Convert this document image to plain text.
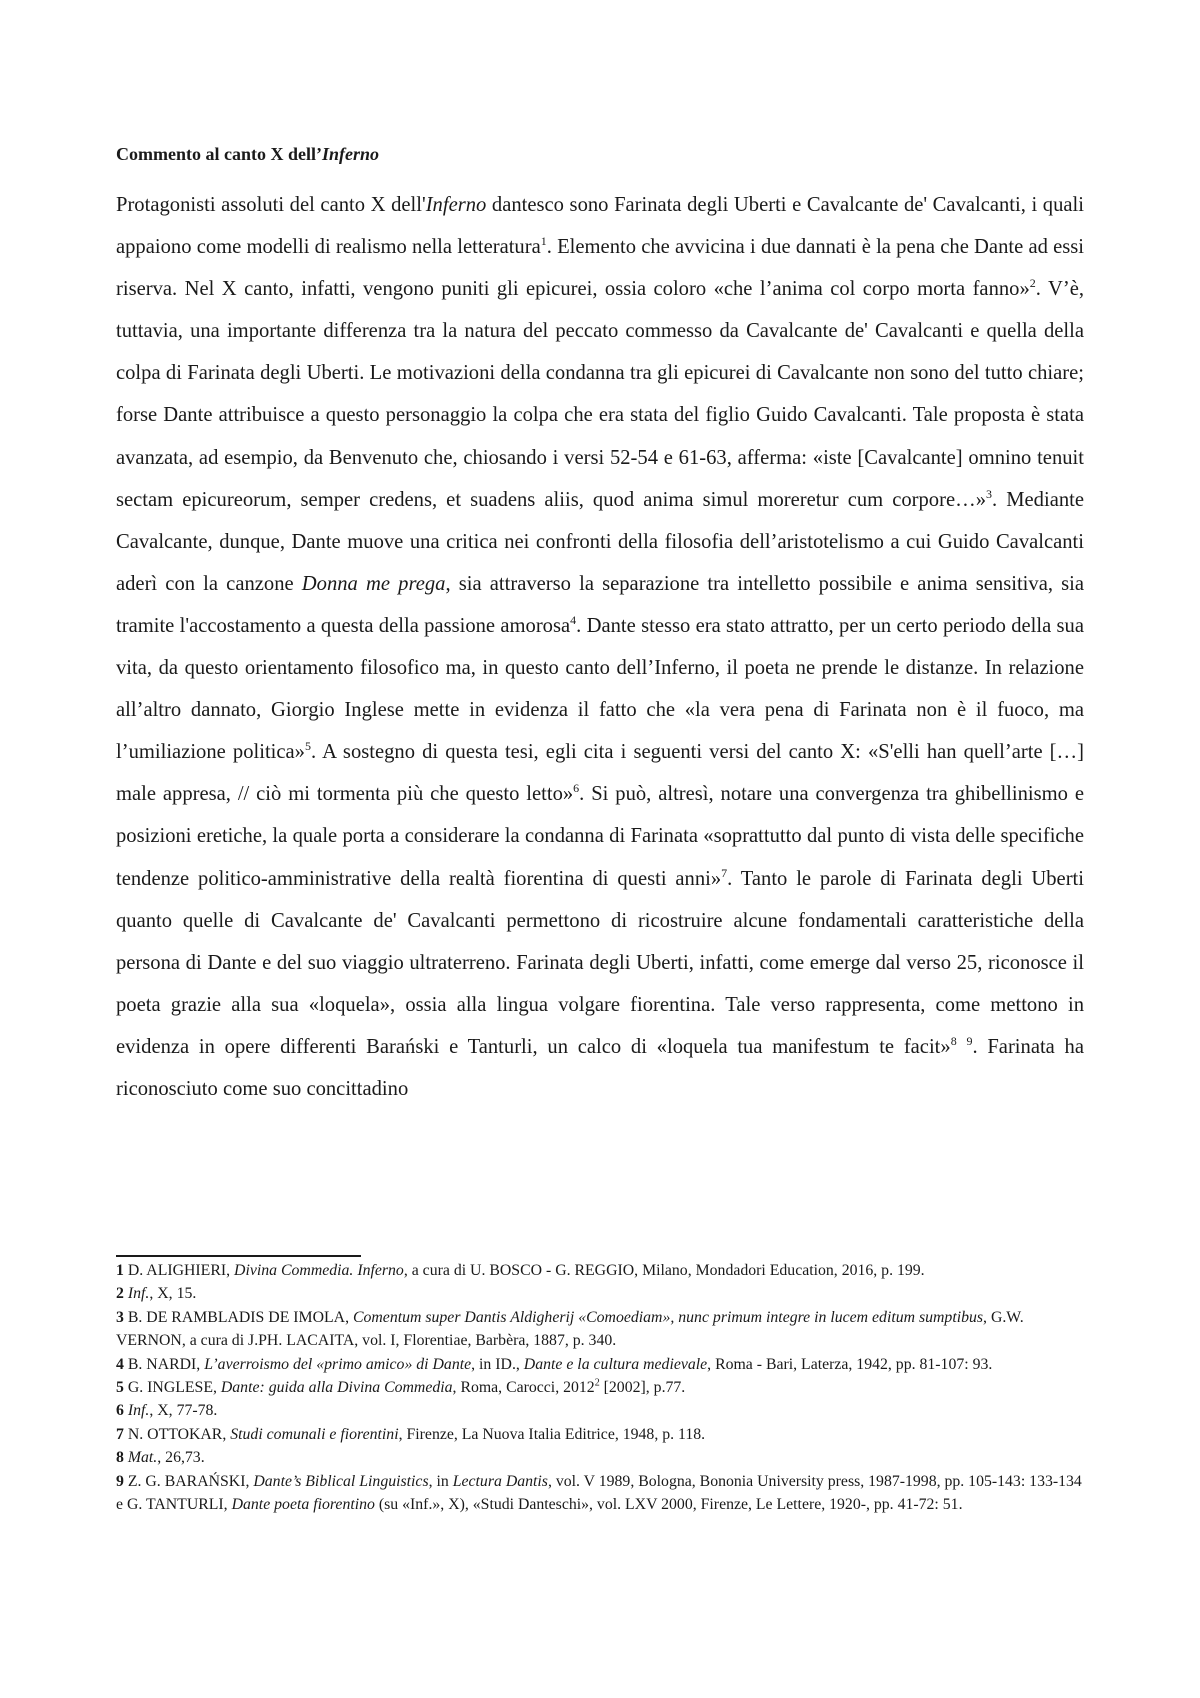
Commento al canto X dell’Inferno

Protagonisti assoluti del canto X dell'Inferno dantesco sono Farinata degli Uberti e Cavalcante de' Cavalcanti, i quali appaiono come modelli di realismo nella letteratura$^1$. Elemento che avvicina i due dannati è la pena che Dante ad essi riserva. Nel X canto, infatti, vengono puniti gli epicurei, ossia coloro «che l’anima col corpo morta fanno»$^2$. V’è, tuttavia, una importante differenza tra la natura del peccato commesso da Cavalcante de' Cavalcanti e quella della colpa di Farinata degli Uberti. Le motivazioni della condanna tra gli epicurei di Cavalcante non sono del tutto chiare; forse Dante attribuisce a questo personaggio la colpa che era stata del figlio Guido Cavalcanti. Tale proposta è stata avanzata, ad esempio, da Benvenuto che, chiosando i versi 52-54 e 61-63, afferma: «iste [Cavalcante] omnino tenuit sectam epicureorum, semper credens, et suadens aliis, quod anima simul moreretur cum corpore…»$^3$. Mediante Cavalcante, dunque, Dante muove una critica nei confronti della filosofia dell’aristotelismo a cui Guido Cavalcanti aderì con la canzone Donna me prega, sia attraverso la separazione tra intelletto possibile e anima sensitiva, sia tramite l'accostamento a questa della passione amorosa$^4$. Dante stesso era stato attratto, per un certo periodo della sua vita, da questo orientamento filosofico ma, in questo canto dell’Inferno, il poeta ne prende le distanze. In relazione all’altro dannato, Giorgio Inglese mette in evidenza il fatto che «la vera pena di Farinata non è il fuoco, ma l’umiliazione politica»$^5$. A sostegno di questa tesi, egli cita i seguenti versi del canto X: «S'elli han quell’arte […] male appresa, // ciò mi tormenta più che questo letto»$^6$. Si può, altresì, notare una convergenza tra ghibellinismo e posizioni eretiche, la quale porta a considerare la condanna di Farinata «soprattutto dal punto di vista delle specifiche tendenze politico-amministrative della realtà fiorentina di questi anni»$^7$. Tanto le parole di Farinata degli Uberti quanto quelle di Cavalcante de' Cavalcanti permettono di ricostruire alcune fondamentali caratteristiche della persona di Dante e del suo viaggio ultraterreno. Farinata degli Uberti, infatti, come emerge dal verso 25, riconosce il poeta grazie alla sua «loquela», ossia alla lingua volgare fiorentina. Tale verso rappresenta, come mettono in evidenza in opere differenti Barański e Tanturli, un calco di «loquela tua manifestum te facit»$^8$ $^9$. Farinata ha riconosciuto come suo concittadino

1 D. ALIGHIERI, Divina Commedia. Inferno, a cura di U. BOSCO - G. REGGIO, Milano, Mondadori Education, 2016, p. 199.
2 Inf., X, 15.
3 B. DE RAMBLADIS DE IMOLA, Comentum super Dantis Aldigherij «Comoediam», nunc primum integre in lucem editum sumptibus, G.W. VERNON, a cura di J.PH. LACAITA, vol. I, Florentiae, Barbèra, 1887, p. 340.
4 B. NARDI, L’averroismo del «primo amico» di Dante, in ID., Dante e la cultura medievale, Roma - Bari, Laterza, 1942, pp. 81-107: 93.
5 G. INGLESE, Dante: guida alla Divina Commedia, Roma, Carocci, 2012$^2$ [2002], p.77.
6 Inf., X, 77-78.
7 N. OTTOKAR, Studi comunali e fiorentini, Firenze, La Nuova Italia Editrice, 1948, p. 118.
8 Mat., 26,73.
9 Z. G. BARAŃSKI, Dante’s Biblical Linguistics, in Lectura Dantis, vol. V 1989, Bologna, Bononia University press, 1987-1998, pp. 105-143: 133-134 e G. TANTURLI, Dante poeta fiorentino (su «Inf.», X), «Studi Danteschi», vol. LXV 2000, Firenze, Le Lettere, 1920-, pp. 41-72: 51.
